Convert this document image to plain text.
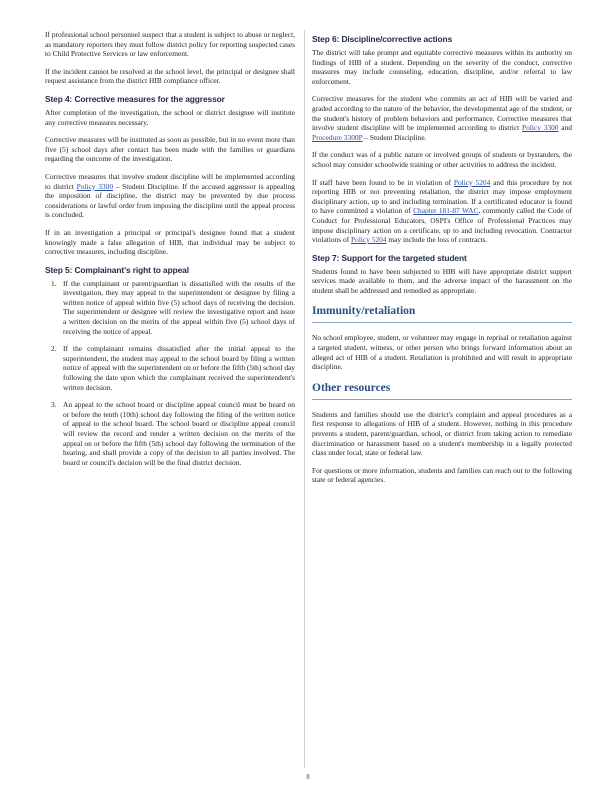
If professional school personnel suspect that a student is subject to abuse or neglect, as mandatory reporters they must follow district policy for reporting suspected cases to Child Protective Services or law enforcement.

If the incident cannot be resolved at the school level, the principal or designee shall request assistance from the district HIB compliance officer.

Step 4: Corrective measures for the aggressor

After completion of the investigation, the school or district designee will institute any corrective measures necessary.

Corrective measures will be instituted as soon as possible, but in no event more than five (5) school days after contact has been made with the families or guardians regarding the outcome of the investigation.

Corrective measures that involve student discipline will be implemented according to district Policy 3300 – Student Discipline. If the accused aggressor is appealing the imposition of discipline, the district may be prevented by due process considerations or lawful order from imposing the discipline until the appeal process is concluded.

If in an investigation a principal or principal's designee found that a student knowingly made a false allegation of HIB, that individual may be subject to corrective measures, including discipline.

Step 5: Complainant's right to appeal
1. If the complainant or parent/guardian is dissatisfied with the results of the investigation, they may appeal to the superintendent or designee by filing a written notice of appeal within five (5) school days of receiving the decision. The superintendent or designee will review the investigative report and issue a written decision on the merits of the appeal within five (5) school days of receiving the notice of appeal.

2. If the complainant remains dissatisfied after the initial appeal to the superintendent, the student may appeal to the school board by filing a written notice of appeal with the superintendent on or before the fifth (5th) school day following the date upon which the complainant received the superintendent's written decision.

3. An appeal to the school board or discipline appeal council must be heard on or before the tenth (10th) school day following the filing of the written notice of appeal to the school board. The school board or discipline appeal council will review the record and render a written decision on the merits of the appeal on or before the fifth (5th) school day following the termination of the hearing, and shall provide a copy of the decision to all parties involved. The board or council's decision will be the final district decision.

Step 6: Discipline/corrective actions

The district will take prompt and equitable corrective measures within its authority on findings of HIB of a student. Depending on the severity of the conduct, corrective measures may include counseling, education, discipline, and/or referral to law enforcement.

Corrective measures for the student who commits an act of HIB will be varied and graded according to the nature of the behavior, the developmental age of the student, or the student's history of problem behaviors and performance. Corrective measures that involve student discipline will be implemented according to district Policy 3300 and Procedure 3300P – Student Discipline.

If the conduct was of a public nature or involved groups of students or bystanders, the school may consider schoolwide training or other activities to address the incident.

If staff have been found to be in violation of Policy 5204 and this procedure by not reporting HIB or not preventing retaliation, the district may impose employment disciplinary action, up to and including termination. If a certificated educator is found to have committed a violation of Chapter 181-87 WAC, commonly called the Code of Conduct for Professional Educators, OSPI's Office of Professional Practices may impose disciplinary action on a certificate, up to and including revocation. Contractor violations of Policy 5204 may include the loss of contracts.

Step 7: Support for the targeted student

Students found to have been subjected to HIB will have appropriate district support services made available to them, and the adverse impact of the harassment on the student shall be addressed and remedied as appropriate.

Immunity/retaliation

No school employee, student, or volunteer may engage in reprisal or retaliation against a targeted student, witness, or other person who brings forward information about an alleged act of HIB of a student. Retaliation is prohibited and will result in appropriate discipline.

Other resources

Students and families should use the district's complaint and appeal procedures as a first response to allegations of HIB of a student. However, nothing in this procedure prevents a student, parent/guardian, school, or district from taking action to remediate discrimination or harassment based on a student's membership in a legally protected class under local, state or federal law.

For questions or more information, students and families can reach out to the following state or federal agencies.

8
